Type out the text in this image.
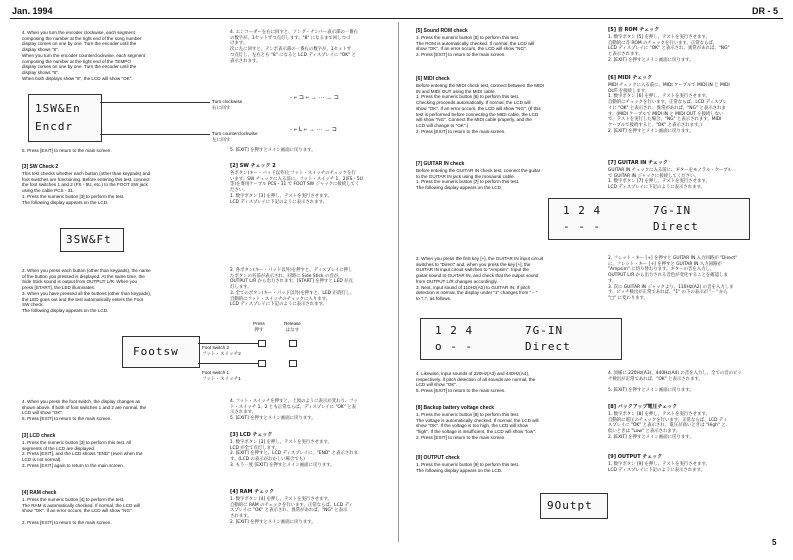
Jan. 1994	DR - 5
4. When you turn the encoder clockwise, each segment
composing the number at the right end of the song number
display comes on one by one. Turn the encoder until the
display shows "8".
When you turn the encoder counterclockwise, each segment
composing the number at the right end of the TEMPO
display comes on one by one. Turn the encoder until the
display shows "8".
When both displays show "8", the LCD will show "OK".
1SW&En
Encdr
Turn clockwise
右に回す
Turn counterclockwise
左に回す
5. Press [EXIT] to return to the main screen.
[3] SW Check 2
This test checks whether each button (other than keypads) and
foot switches are functioning. Before entering this test, connect
the foot switches 1 and 2 (FS - 5U, etc.) to the FOOT SW jack
using the cable PCS - 31.
1. Press the numeric button [3] to perform the test.
The following display appears on the LCD.
3SW&Ft
2. When you press each button (other than keypads), the name
of the button you pressed is displayed. At the same time, the
Side Stick sound is output from OUTPUT L/R. When you
press [START], the LED illuminates.
3. When you have pressed all the buttons (other than keypads),
the LED goes out and the test automatically enters the Foot
SW check.
The following display appears on the LCD.
Press
押す
Release
はなす
Footsw	Foot switch 2
フット・スイッチ2
Foot switch 1
フット・スイッチ1
4. When you press the foot switch, the display changes as
shown above. If both of foot switches 1 and 2 are normal, the
LCD will show "OK".
5. Press [EXIT] to return to the main screen.
[3] LCD check
1. Press the numeric button [3] to perform this test. All
segments of the LCD are displayed.
2. Press [EXIT], and the LCD shows "END" (even when the
LCD is not normal).
3. Press [EXIT] again to return to the main screen.
[4] RAM check
1. Press the numeric button [4] to perform the test.
The RAM is automatically checked. If normal, the LCD will
show "OK". If an error occurs, the LCD will show "NG".

2. Press [EXIT] to return to the main screen.
4. エンコーダーを右に回すと、ソング・ナンバー表示部の一番右
の数字が、1セットずつ点灯します。"8" になるまで回しつづ
けます。
次に左に回すと、テンポ表示部の一番右の数字が、1セットず
つ点灯し、左右とも "8" になると LCD ディスプレイに "OK" と
表示されます。
- ⌐ ⊐ ⌐ → ··· → ⊐
- ⌐ L ⌐ → ··· → ⊐
5. [EXIT] を押すとメイン画面に戻ります。
[2] SW チェック 2
各ボタン(キー・パッド以外)とフット・スイッチのチェックを行
います。SW チェックに入る前に、フット・スイッチ 1、2(FS - 5U
等)を専用ケーブル PCS - 31 で FOOT SW ジャックに接続してく
ださい。
1. 数字ボタン [3] を押し、テストを実行させます。
LCD ディスプレイに下記のように表示されます。
2. 各ボタン(キー・パッド以外)を押すと、ディスプレイに押し
たボタンの名前が表示され、同時に Side Stick の音が、
OUTPUT L/R から出力されます。[START] を押すと LED が点
灯します。
3. 全てのボタン(キー・パッド以外)を押すと、LED が消灯し、
自動的にフット・スイッチのチェックに入ります。
LCD ディスプレイに下記のように表示されます。
4. フット・スイッチを押すと、上図のように表示が変わり、フッ
ト・スイッチ 1、2 とも正常ならば、ディスプレイに "OK" と表
示されます。
5. [EXIT] を押すとメイン画面に戻ります。
[3] LCD チェック
1. 数字ボタン [3] を押し、テストを実行させます。
LCD が全て点灯します。
2. [EXIT] を押すと、LCD ディスプレイに、"END" と表示されま
す。(LCD の表示がおかしい場合でも)
3. もう一度 [EXIT] を押すとメイン画面に戻ります。
[4] RAM チェック
1. 数字ボタン [4] を押し、テストを実行させます。
自動的に RAM のチェックを行います。正常ならば、LCD ディ
スプレイに "OK" と表示され、異常があれば、"NG" と表示
されます。
2. [EXIT] を押すとメイン画面に戻ります。
[5] Sound ROM check
1. Press the numeric button [5] to perform this test.
The ROM is automatically checked. If normal, the LCD will
show "OK". If an error occurs, the LCD will show "NG".
2. Press [EXIT] to return to the main screen.
[6] MIDI check
Before entering the MIDI check test, connect between the MIDI
IN and MIDI OUT using the MIDI cable.
1. Press the numeric button [6] to perform this test.
Checking proceeds automatically. If normal, the LCD will
show "OK". If an error occurs, the LCD will show "NG". (If this
test is performed before connecting the MIDI cable, the LCD
will show "NG". Connect the MIDI cable properly, and the
LCD will change to "OK".)
2. Press [EXIT] to return to the main screen.
[7] GUITAR IN check
Before entering the GUITAR IN check test, connect the guitar
to the GUITAR IN jack using the monaural cable.
1. Press the numeric button [7] to perform this test.
The following display appears on the LCD.
2. When you press the first key [+], the GUITAR IN input circuit
switches to "Direct" and, when you press the key [+], the
GUITAR IN input circuit switches to "Ampsim". Input the
guitar sound to GUITAR IN, and check that the output sound
from OUTPUT L/R changes accordingly.
3. Next, input sound of 110Hz(A2) to GUITAR IN. If pitch
detection is normal, the display under "1" changes from "－"
to "□", as follows.
4. Likewise, input sounds of 220Hz(A3) and 440Hz(A4),
respectively. If pitch detection of all sounds are normal, the
LCD will show "OK".
5. Press [EXIT] to return to the main screen.
[8] Backup battery voltage check
1. Press the numeric button [8] to perform this test.
The voltage is automatically checked. If normal, the LCD will
show "OK". If the voltage is too high, the LCD will show
"high". If the voltage is insufficient, the LCD will show "low".
2. Press [EXIT] to return to the main screen.
[9] OUTPUT check
1. Press the numeric button [9] to perform this test.
The following display appears on the LCD.
[5] 音 ROM チェック
1. 数字ボタン [5] を押し、テストを実行させます。
自動的に音 ROM のチェックを行います。正常ならば、
LCD ディスプレイに "OK" と表示され、異常があれば、"NG"
と表示されます。
2. [EXIT] を押すとメイン画面に戻ります。
[6] MIDI チェック
MIDI チェックに入る前に、MIDI ケーブルで MIDI IN と MIDI
OUT を接続します。
1. 数字ボタン [6] を押し、テストを実行させます。
自動的にチェックを行います。正常ならば、LCD ディスプレ
イに "OK" と表示され、異常があれば、"NG" と表示されま
す。(MIDI ケーブルで MIDI IN と MIDI OUT を接続しない
で、テストを実行した場合、"NG" と表示されます。MIDI
ケーブルで接続すると、"OK" と表示されます。)
2. [EXIT] を押すとメイン画面に戻ります。
[7] GUITAR IN チェック
GUITAR IN チェックに入る前に、ギターをモノラル・ケーブル
で GUITAR IN ジャックに接続してください。
1. 数字ボタン [7] を押し、テストを実行させます。
LCD ディスプレイに下記のように表示されます。
1 2 4	7G-IN
- - -	Direct
2. フレット・キー [+] を押すと GUITAR IN 入力回路が "Direct"
に、フレット・キー [+] を押すと GUITAR IN 入力回路が
"Ampsim" に切り替わります。ギターの音を入力し、
OUTPUT L/R から出力される音色が変化することを確認しま
す。
3. 次に GUITAR IN ジャックより、110Hz(A2) の音を入力しま
す。ピッチ検出が正常であれば、"1" の下の表示が "－" から
"□" に変わります。
1 2 4	7G-IN
o - -	Direct
4. 同様に 220Hz(A3)、440Hz(A4) の音を入力し、全ての音のピッ
チ検出が正常であれば、"OK" と表示されます。

5. [EXIT] を押すとメイン画面に戻ります。
[8] バックアップ電圧チェック
1. 数字ボタン [8] を押し、テストを実行させます。
自動的に電圧のチェックを行います。正常ならば、LCD ディ
スプレイに "OK" と表示され、電圧が高いときは "High" と、
低いときは "Low" と表示されます。
2. [EXIT] を押すとメイン画面に戻ります。
[9] OUTPUT チェック
1. 数字ボタン [9] を押し、テストを実行させます。
LCD ディスプレイに下記のように表示されます。
9Outpt
5
